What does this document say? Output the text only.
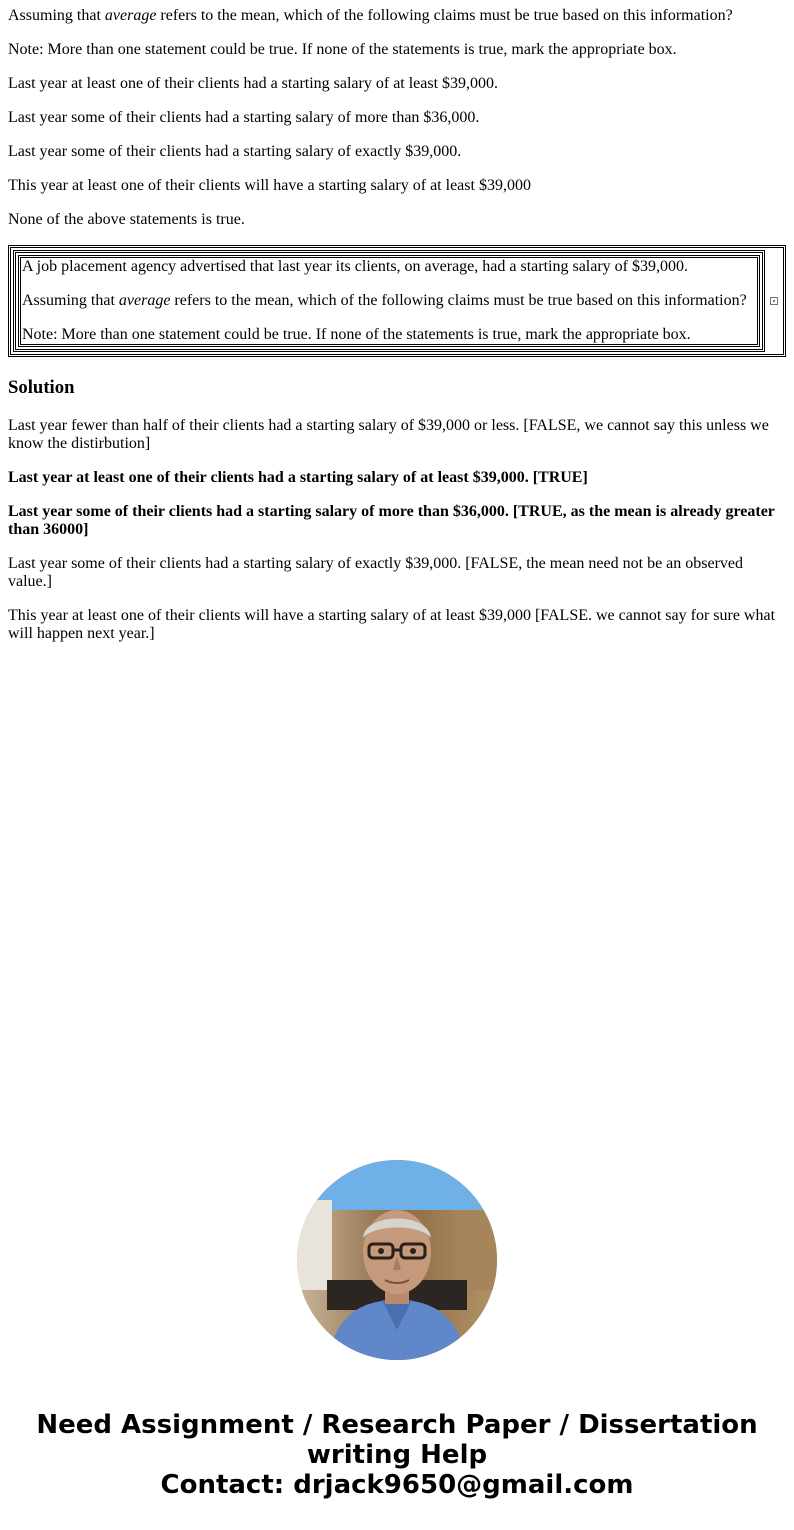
Assuming that average refers to the mean, which of the following claims must be true based on this information?

Note: More than one statement could be true. If none of the statements is true, mark the appropriate box.

Last year at least one of their clients had a starting salary of at least $39,000.

Last year some of their clients had a starting salary of more than $36,000.

Last year some of their clients had a starting salary of exactly $39,000.

This year at least one of their clients will have a starting salary of at least $39,000

None of the above statements is true.

A job placement agency advertised that last year its clients, on average, had a starting salary of $39,000.

Assuming that average refers to the mean, which of the following claims must be true based on this information?

Note: More than one statement could be true. If none of the statements is true, mark the appropriate box.

Solution

Last year fewer than half of their clients had a starting salary of $39,000 or less. [FALSE, we cannot say this unless we know the distirbution]

Last year at least one of their clients had a starting salary of at least $39,000. [TRUE]

Last year some of their clients had a starting salary of more than $36,000. [TRUE, as the mean is already greater than 36000]

Last year some of their clients had a starting salary of exactly $39,000. [FALSE, the mean need not be an observed value.]

This year at least one of their clients will have a starting salary of at least $39,000 [FALSE. we cannot say for sure what will happen next year.]

Need Assignment / Research Paper / Dissertation
writing Help
Contact: drjack9650@gmail.com
